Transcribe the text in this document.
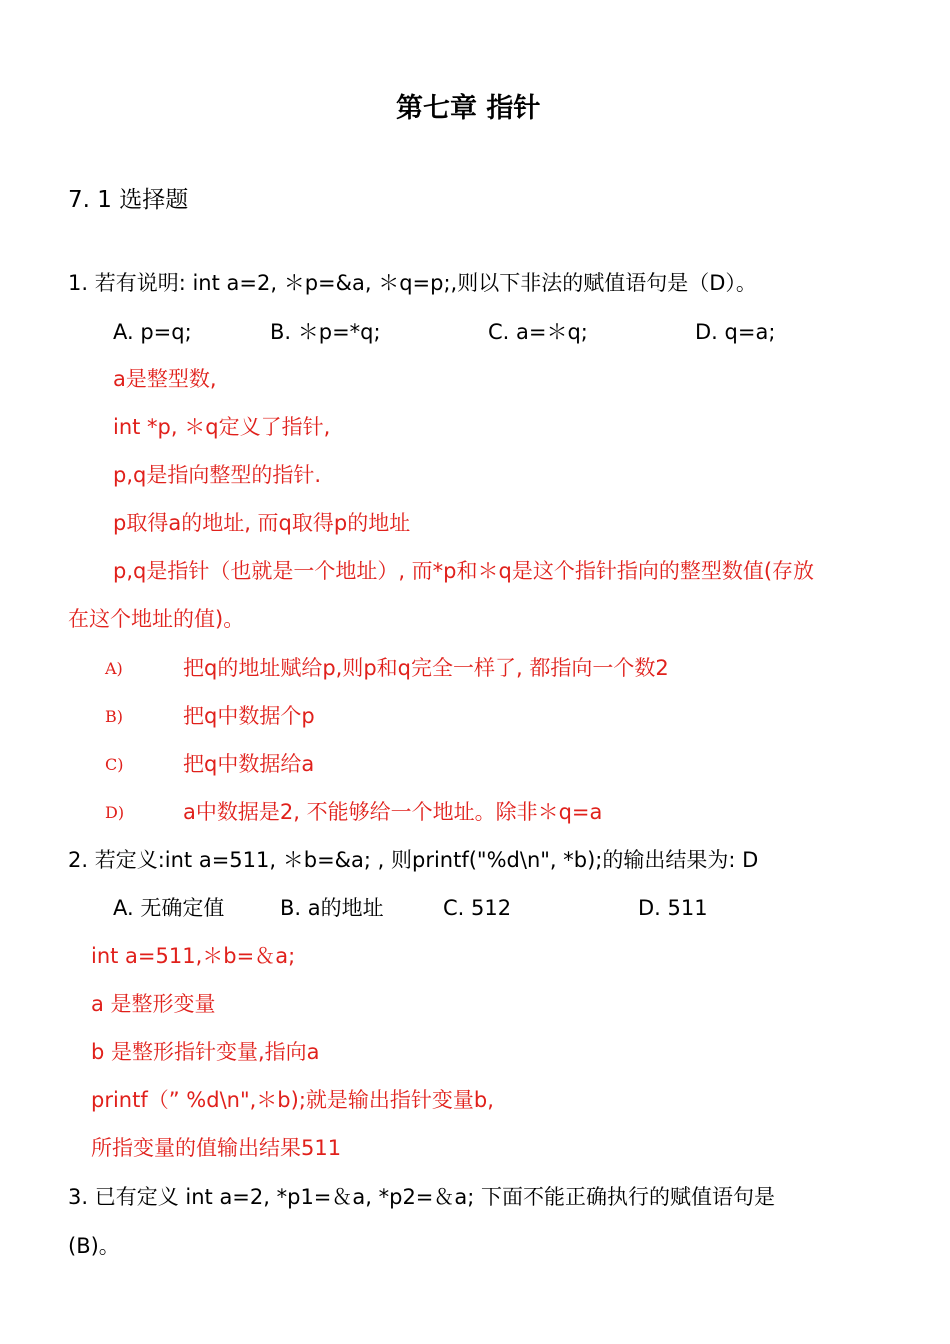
第七章 指针
7. 1 选择题
1. 若有说明: int a=2, ＊p=&a, ＊q=p;,则以下非法的赋值语句是（D）。
A. p=q;	B. ＊p=*q;	C. a=＊q;	D. q=a;
a是整型数,
int *p, ＊q定义了指针,
p,q是指向整型的指针.
p取得a的地址, 而q取得p的地址
p,q是指针（也就是一个地址）, 而*p和＊q是这个指针指向的整型数值(存放
在这个地址的值)。
A)	把q的地址赋给p,则p和q完全一样了, 都指向一个数2
B)	把q中数据个p
C)	把q中数据给a
D)	a中数据是2, 不能够给一个地址。除非＊q=a
2. 若定义:int a=511, ＊b=&a; , 则printf("%d\n", *b);的输出结果为: D
A. 无确定值	B. a的地址	C. 512	D. 511
int a=511,＊b=＆a;
a 是整形变量
b 是整形指针变量,指向a
printf（” %d\n",＊b);就是输出指针变量b,
所指变量的值输出结果511
3. 已有定义 int a=2, *p1=＆a, *p2=＆a; 下面不能正确执行的赋值语句是
(B)。
